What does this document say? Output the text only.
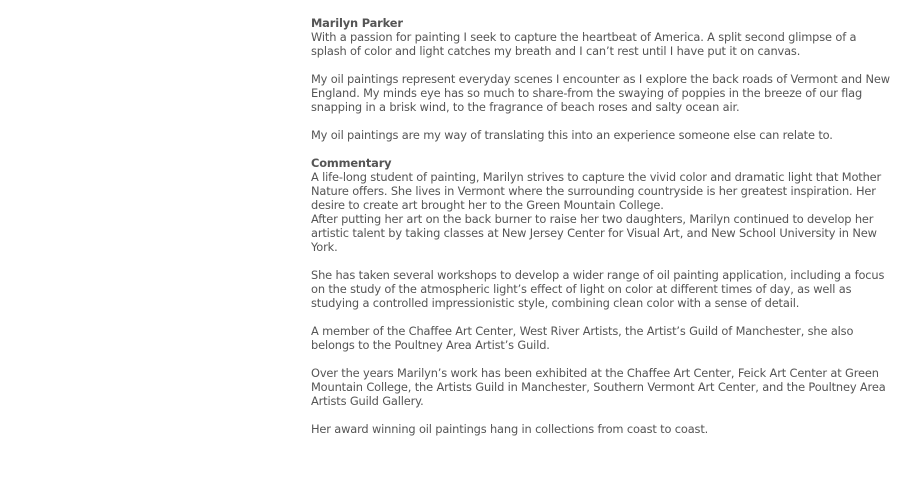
Marilyn Parker

With a passion for painting I seek to capture the heartbeat of America. A split second glimpse of a splash of color and light catches my breath and I can’t rest until I have put it on canvas.

My oil paintings represent everyday scenes I encounter as I explore the back roads of Vermont and New England. My minds eye has so much to share-from the swaying of poppies in the breeze of our flag snapping in a brisk wind, to the fragrance of beach roses and salty ocean air.

My oil paintings are my way of translating this into an experience someone else can relate to.

Commentary

A life-long student of painting, Marilyn strives to capture the vivid color and dramatic light that Mother Nature offers. She lives in Vermont where the surrounding countryside is her greatest inspiration. Her desire to create art brought her to the Green Mountain College.

After putting her art on the back burner to raise her two daughters, Marilyn continued to develop her artistic talent by taking classes at New Jersey Center for Visual Art, and New School University in New York.

She has taken several workshops to develop a wider range of oil painting application, including a focus on the study of the atmospheric light’s effect of light on color at different times of day, as well as studying a controlled impressionistic style, combining clean color with a sense of detail.

A member of the Chaffee Art Center, West River Artists, the Artist’s Guild of Manchester, she also belongs to the Poultney Area Artist’s Guild.

Over the years Marilyn’s work has been exhibited at the Chaffee Art Center, Feick Art Center at Green Mountain College, the Artists Guild in Manchester, Southern Vermont Art Center, and the Poultney Area Artists Guild Gallery.

Her award winning oil paintings hang in collections from coast to coast.
